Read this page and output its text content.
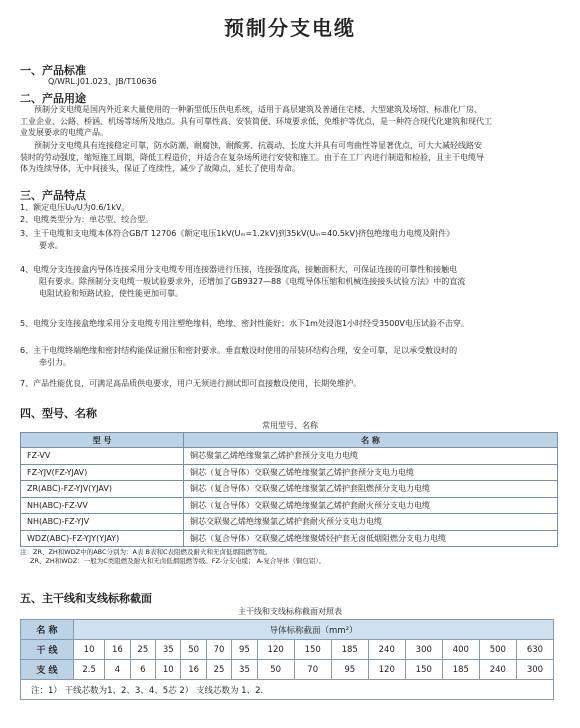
预制分支电缆
一、产品标准
Q/WRL.J01.023、JB/T10636
二、产品用途
预制分支电缆是国内外近来大量使用的一种新型低压供电系统，适用于高层建筑及普通住宅楼、大型建筑及场馆、标准化厂房、
工业企业、公路、桥涵、机场等场所及地点。具有可靠性高、安装简便、环境要求低、免维护等优点，是一种符合现代化建筑和现代工
业发展要求的电缆产品。
预制分支电缆具有连接稳定可靠，防水防潮，耐腐蚀，耐酸雾、抗震动、长度大并具有可弯曲性等显著优点，可大大减轻线路安
装时的劳动强度，缩短施工周期，降低工程造价，并适合在复杂场所进行安装和施工。由于在工厂内进行制造和检验，且主干电缆导
体为连续导体，无中间接头，保证了连续性，减少了故障点，延长了使用寿命。
三、产品特点
1、额定电压U₀/U为0.6/1kV。
2、电缆类型分为：单芯型、绞合型。
3、主干电缆和支电缆本体符合GB/T 12706《额定电压1kV(Uₘ=1.2kV)到35kV(Uₘ=40.5kV)挤包绝缘电力电缆及附件》
要求。
4、电缆分支连接盒内导体连接采用分支电缆专用连接器进行压接，连接强度高，接触面积大，可保证连接的可靠性和接触电
阻有要求。除预制分支电缆一般试验要求外，还增加了GB9327—88《电缆导体压缩和机械连接接头试验方法》中的直流
电阻试验和短路试验，使性能更加可靠。
5、电缆分支连接盒绝缘采用分支电缆专用注塑绝缘料，绝缘、密封性能好；水下1m处浸泡1小时经受3500V电压试验不击穿。
6、主干电缆终端绝缘和密封结构能保证耐压和密封要求。垂直敷设时使用的吊装环结构合理，安全可靠，足以承受敷设时的
牵引力。
7、产品性能优良，可满足高品质供电要求，用户无须进行测试即可直接敷设使用，长期免维护。
四、型号、名称
常用型号、名称
型 号	名 称
FZ-VV	铜芯聚氯乙烯绝缘聚氯乙烯护套预分支电力电缆
FZ-YJV(FZ-YJAV)	铜芯（复合导体）交联聚乙烯绝缘聚氯乙烯护套预分支电力电缆
ZR(ABC)-FZ-YJV(YJAV)	铜芯（复合导体）交联聚乙烯绝缘聚氯乙烯护套阻燃预分支电力电缆
NH(ABC)-FZ-VV	铜芯（复合导体）交联聚乙烯绝缘聚氯乙烯护套耐火预分支电力电缆
NH(ABC)-FZ-YJV	铜芯交联聚乙烯绝缘聚氯乙烯护套耐火预分支电力电缆
WDZ(ABC)-FZ-YJY(YJAY)	铜芯（复合导体）交联聚乙烯绝缘聚烯烃护套无卤低烟阻燃分支电力电缆
注：ZR、ZH和WDZ中的ABC分别为：A表 B表和C表阻燃及耐火和无卤低烟阻燃等级。
ZR、ZH和WDZ：一般为C类阻燃及耐火和无卤低烟阻燃等级。FZ-分支电缆； A-复合导体（铜包铝）。
五、主干线和支线标称截面
主干线和支线标称截面对照表
名 称	导体标称截面（mm²）														
干 线	10	16	25	35	50	70	95	120	150	185	240	300	400	500	630
支 线	2.5	4	6	10	16	25	35	50	70	95	120	150	185	240	300
注：1） 干线芯数为1、2、3、4、5芯 2） 支线芯数为 1、2.															
